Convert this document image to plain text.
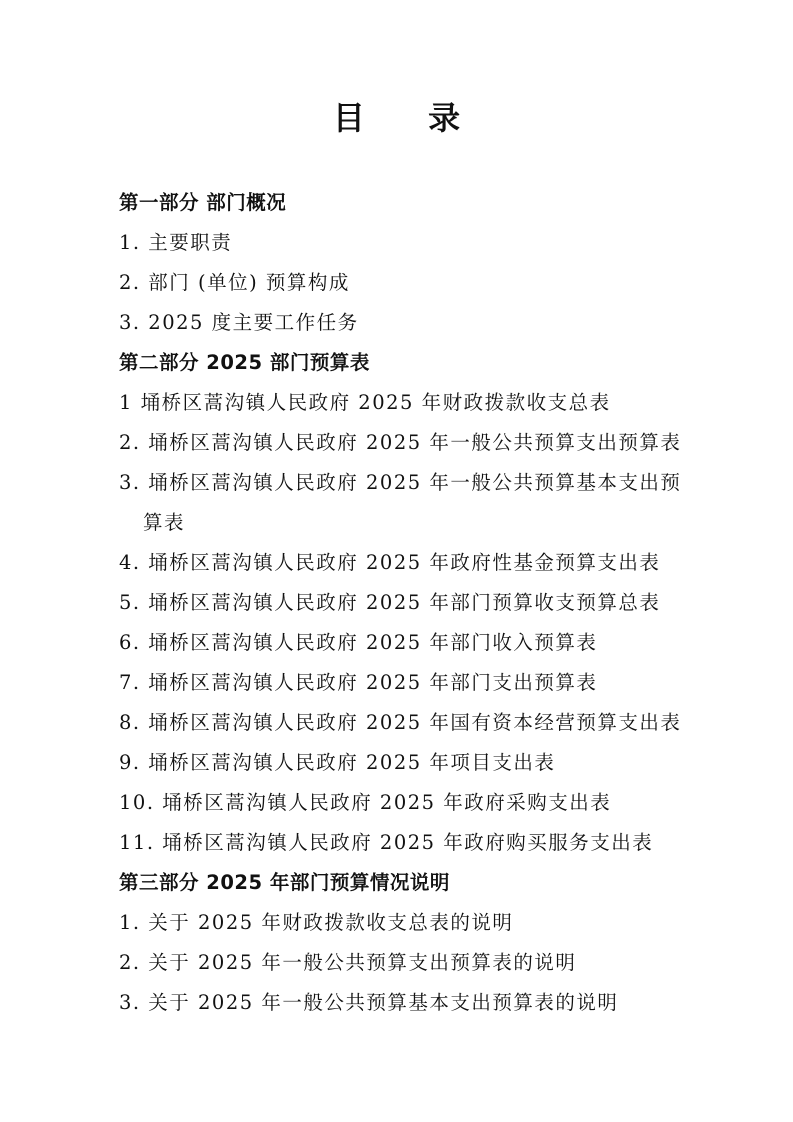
目 录
第一部分 部门概况
1. 主要职责
2. 部门 (单位) 预算构成
3. 2025 度主要工作任务
第二部分 2025 部门预算表
1 埇桥区蒿沟镇人民政府 2025 年财政拨款收支总表
2. 埇桥区蒿沟镇人民政府 2025 年一般公共预算支出预算表
3. 埇桥区蒿沟镇人民政府 2025 年一般公共预算基本支出预
算表
4. 埇桥区蒿沟镇人民政府 2025 年政府性基金预算支出表
5. 埇桥区蒿沟镇人民政府 2025 年部门预算收支预算总表
6. 埇桥区蒿沟镇人民政府 2025 年部门收入预算表
7. 埇桥区蒿沟镇人民政府 2025 年部门支出预算表
8. 埇桥区蒿沟镇人民政府 2025 年国有资本经营预算支出表
9. 埇桥区蒿沟镇人民政府 2025 年项目支出表
10. 埇桥区蒿沟镇人民政府 2025 年政府采购支出表
11. 埇桥区蒿沟镇人民政府 2025 年政府购买服务支出表
第三部分 2025 年部门预算情况说明
1. 关于 2025 年财政拨款收支总表的说明
2. 关于 2025 年一般公共预算支出预算表的说明
3. 关于 2025 年一般公共预算基本支出预算表的说明
